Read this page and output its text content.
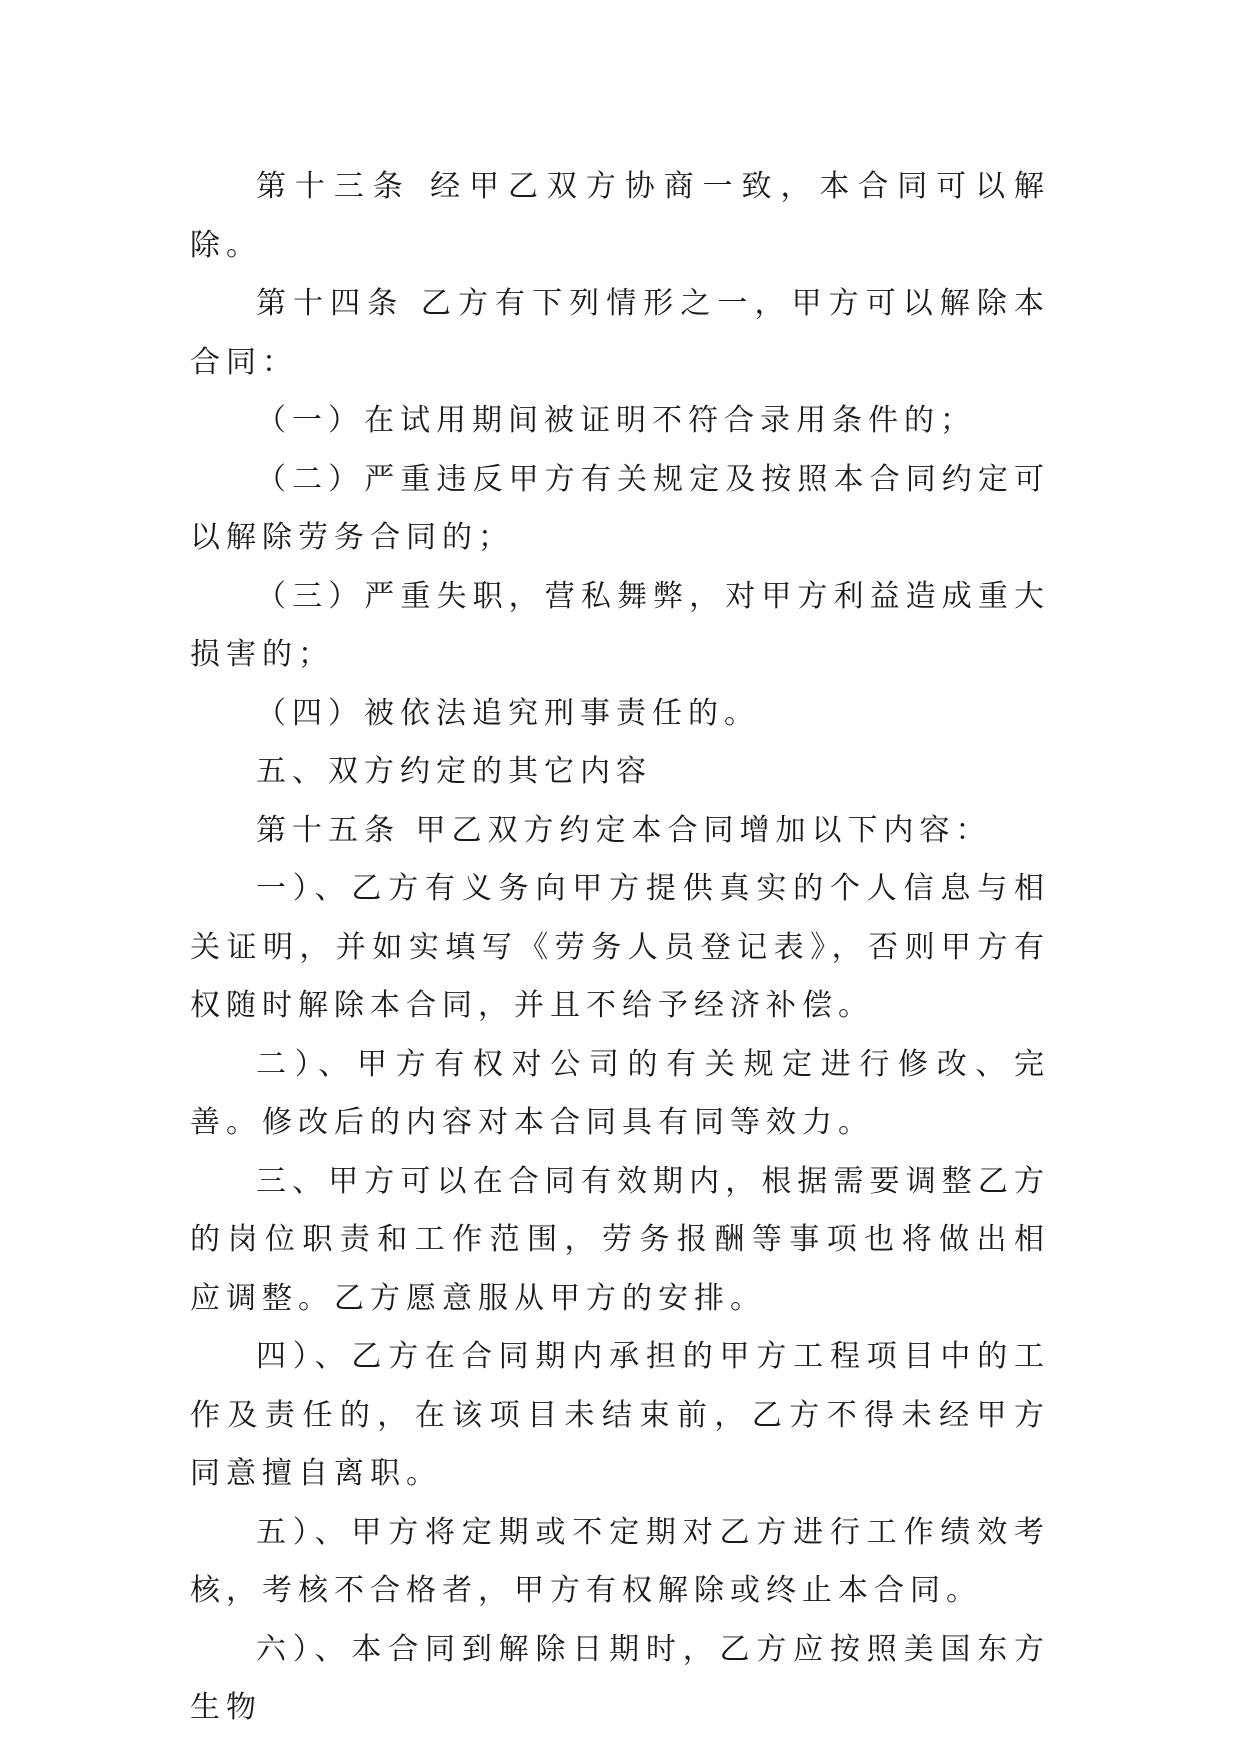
第十三条 经甲乙双方协商一致，本合同可以解除。

第十四条 乙方有下列情形之一，甲方可以解除本合同：

（一）在试用期间被证明不符合录用条件的；

（二）严重违反甲方有关规定及按照本合同约定可以解除劳务合同的；

（三）严重失职，营私舞弊，对甲方利益造成重大损害的；

（四）被依法追究刑事责任的。

五、双方约定的其它内容

第十五条 甲乙双方约定本合同增加以下内容：

一）、乙方有义务向甲方提供真实的个人信息与相关证明，并如实填写《劳务人员登记表》，否则甲方有权随时解除本合同，并且不给予经济补偿。

二）、甲方有权对公司的有关规定进行修改、完善。修改后的内容对本合同具有同等效力。

三、甲方可以在合同有效期内，根据需要调整乙方的岗位职责和工作范围，劳务报酬等事项也将做出相应调整。乙方愿意服从甲方的安排。

四）、乙方在合同期内承担的甲方工程项目中的工作及责任的，在该项目未结束前，乙方不得未经甲方同意擅自离职。

五）、甲方将定期或不定期对乙方进行工作绩效考核，考核不合格者，甲方有权解除或终止本合同。

六）、本合同到解除日期时，乙方应按照美国东方生物
